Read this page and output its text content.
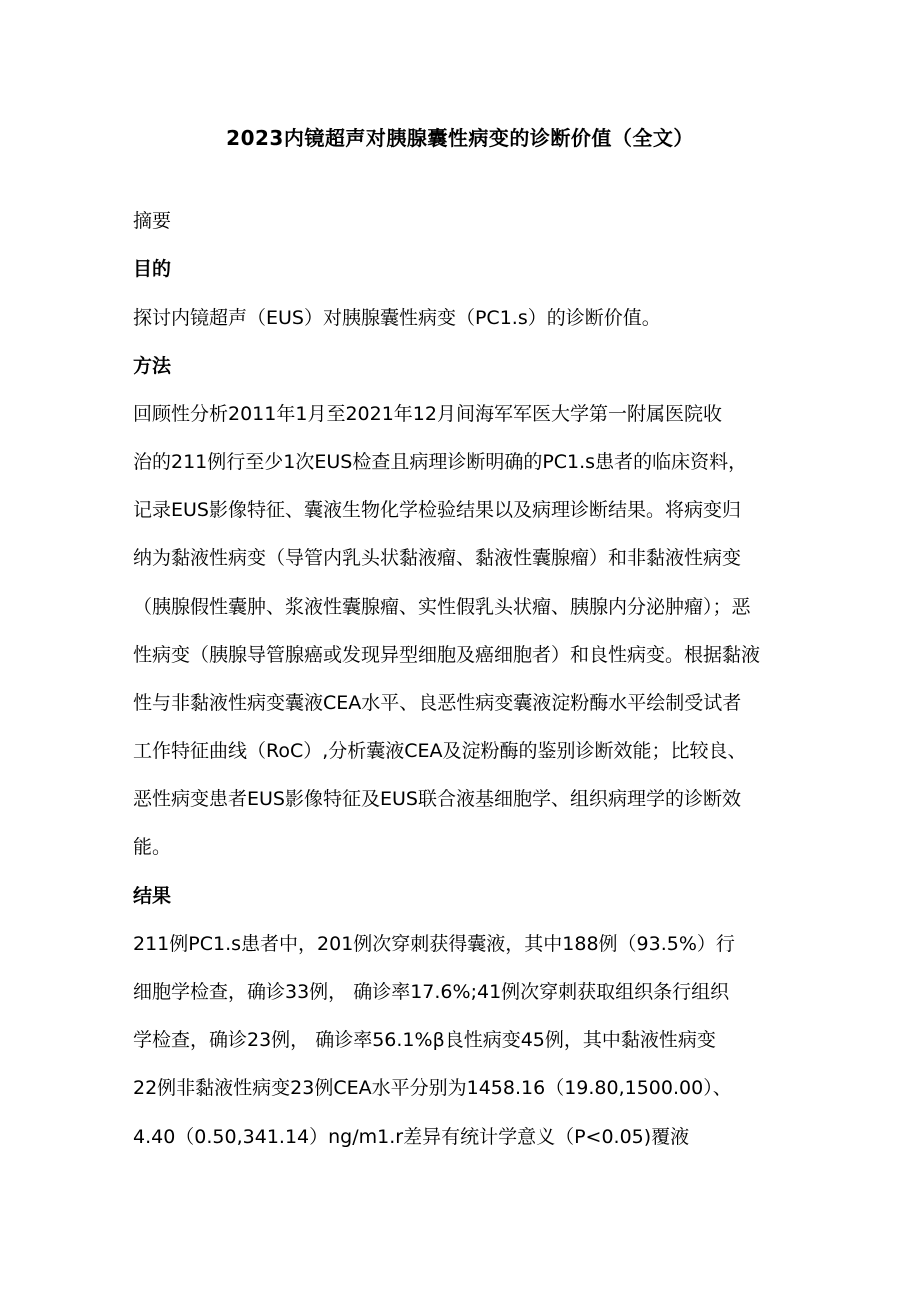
2023内镜超声对胰腺囊性病变的诊断价值（全文）
摘要
目的
探讨内镜超声（EUS）对胰腺囊性病变（PC1.s）的诊断价值。
方法
回顾性分析2011年1月至2021年12月间海军军医大学第一附属医院收
治的211例行至少1次EUS检查且病理诊断明确的PC1.s患者的临床资料，
记录EUS影像特征、囊液生物化学检验结果以及病理诊断结果。将病变归
纳为黏液性病变（导管内乳头状黏液瘤、黏液性囊腺瘤）和非黏液性病变
（胰腺假性囊肿、浆液性囊腺瘤、实性假乳头状瘤、胰腺内分泌肿瘤）；恶
性病变（胰腺导管腺癌或发现异型细胞及癌细胞者）和良性病变。根据黏液
性与非黏液性病变囊液CEA水平、良恶性病变囊液淀粉酶水平绘制受试者
工作特征曲线（RoC）,分析囊液CEA及淀粉酶的鉴别诊断效能；比较良、
恶性病变患者EUS影像特征及EUS联合液基细胞学、组织病理学的诊断效
能。
结果
211例PC1.s患者中，201例次穿刺获得囊液，其中188例（93.5%）行
细胞学检查，确诊33例， 确诊率17.6%;41例次穿刺获取组织条行组织
学检查，确诊23例， 确诊率56.1%β良性病变45例，其中黏液性病变
22例非黏液性病变23例CEA水平分别为1458.16（19.80,1500.00）、
4.40（0.50,341.14）ng/m1.r差异有统计学意义（P<0.05)覆液
